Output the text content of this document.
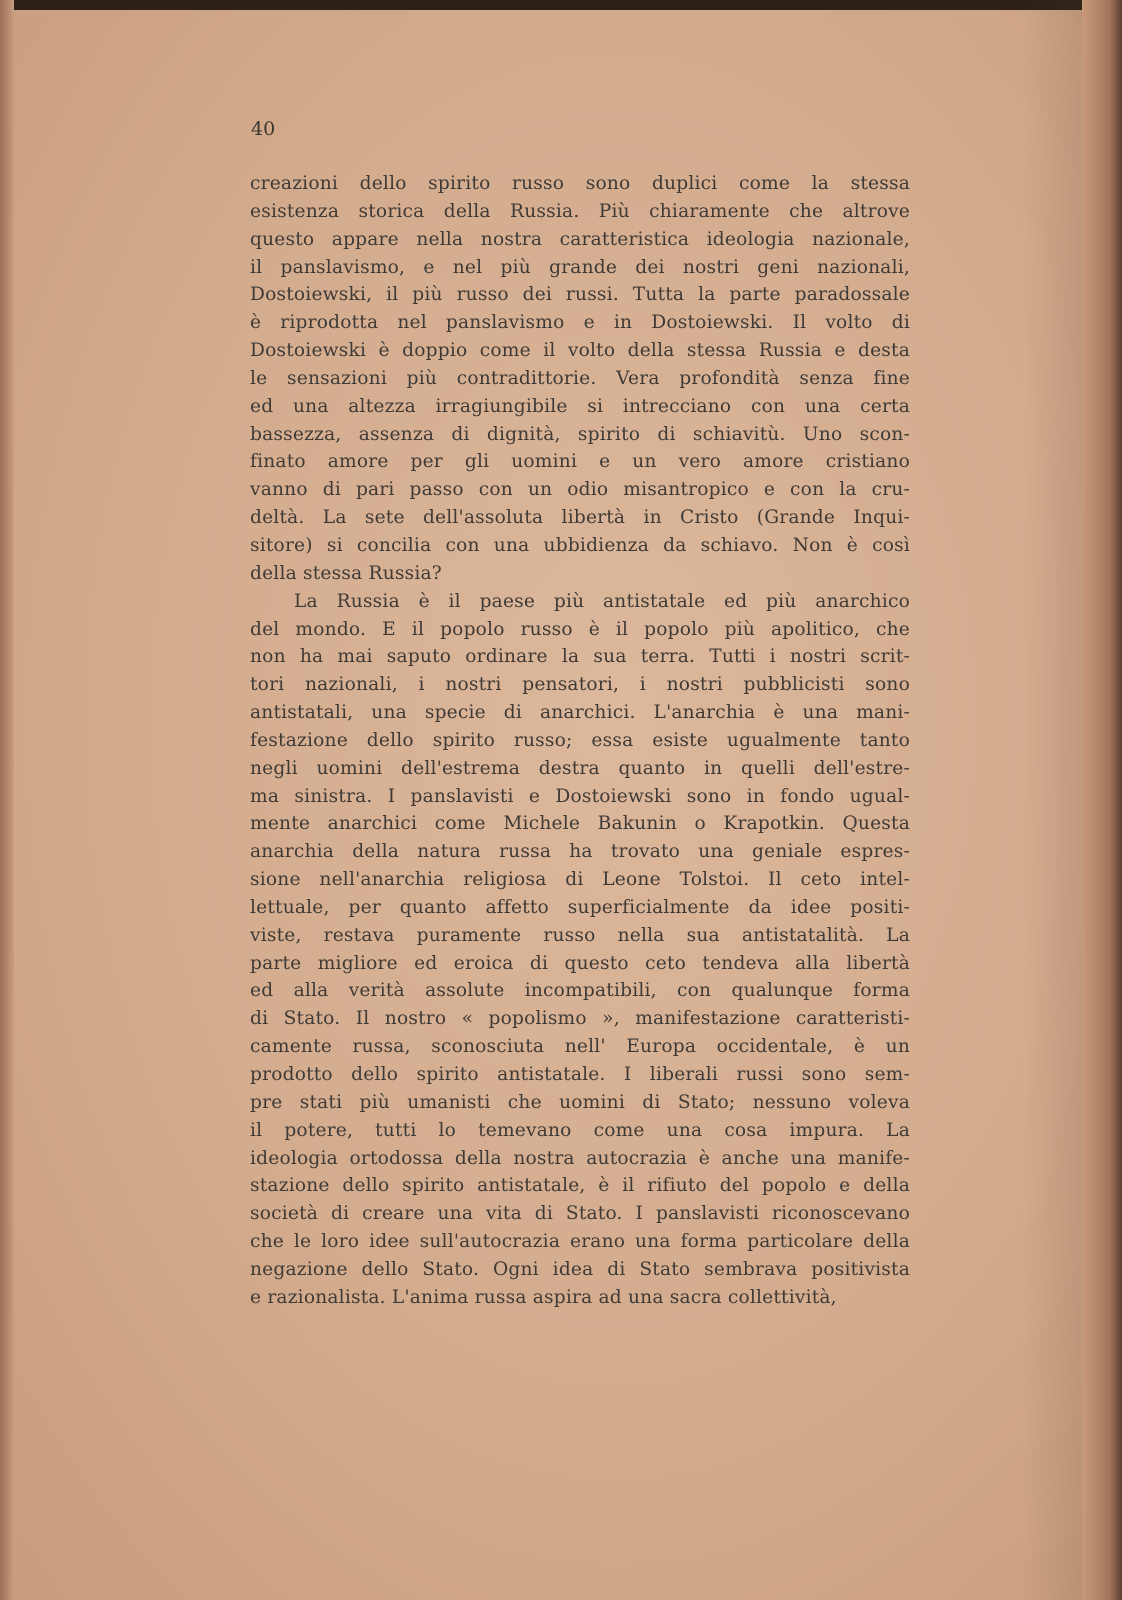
40
creazioni dello spirito russo sono duplici come la stessa
esistenza storica della Russia. Più chiaramente che altrove
questo appare nella nostra caratteristica ideologia nazionale,
il panslavismo, e nel più grande dei nostri geni nazionali,
Dostoiewski, il più russo dei russi. Tutta la parte paradossale
è riprodotta nel panslavismo e in Dostoiewski. Il volto di
Dostoiewski è doppio come il volto della stessa Russia e desta
le sensazioni più contradittorie. Vera profondità senza fine
ed una altezza irragiungibile si intrecciano con una certa
bassezza, assenza di dignità, spirito di schiavitù. Uno scon-
finato amore per gli uomini e un vero amore cristiano
vanno di pari passo con un odio misantropico e con la cru-
deltà. La sete dell'assoluta libertà in Cristo (Grande Inqui-
sitore) si concilia con una ubbidienza da schiavo. Non è così
della stessa Russia?
La Russia è il paese più antistatale ed più anarchico
del mondo. E il popolo russo è il popolo più apolitico, che
non ha mai saputo ordinare la sua terra. Tutti i nostri scrit-
tori nazionali, i nostri pensatori, i nostri pubblicisti sono
antistatali, una specie di anarchici. L'anarchia è una mani-
festazione dello spirito russo; essa esiste ugualmente tanto
negli uomini dell'estrema destra quanto in quelli dell'estre-
ma sinistra. I panslavisti e Dostoiewski sono in fondo ugual-
mente anarchici come Michele Bakunin o Krapotkin. Questa
anarchia della natura russa ha trovato una geniale espres-
sione nell'anarchia religiosa di Leone Tolstoi. Il ceto intel-
lettuale, per quanto affetto superficialmente da idee positi-
viste, restava puramente russo nella sua antistatalità. La
parte migliore ed eroica di questo ceto tendeva alla libertà
ed alla verità assolute incompatibili, con qualunque forma
di Stato. Il nostro « popolismo », manifestazione caratteristi-
camente russa, sconosciuta nell' Europa occidentale, è un
prodotto dello spirito antistatale. I liberali russi sono sem-
pre stati più umanisti che uomini di Stato; nessuno voleva
il potere, tutti lo temevano come una cosa impura. La
ideologia ortodossa della nostra autocrazia è anche una manife-
stazione dello spirito antistatale, è il rifiuto del popolo e della
società di creare una vita di Stato. I panslavisti riconoscevano
che le loro idee sull'autocrazia erano una forma particolare della
negazione dello Stato. Ogni idea di Stato sembrava positivista
e razionalista. L'anima russa aspira ad una sacra collettività,
